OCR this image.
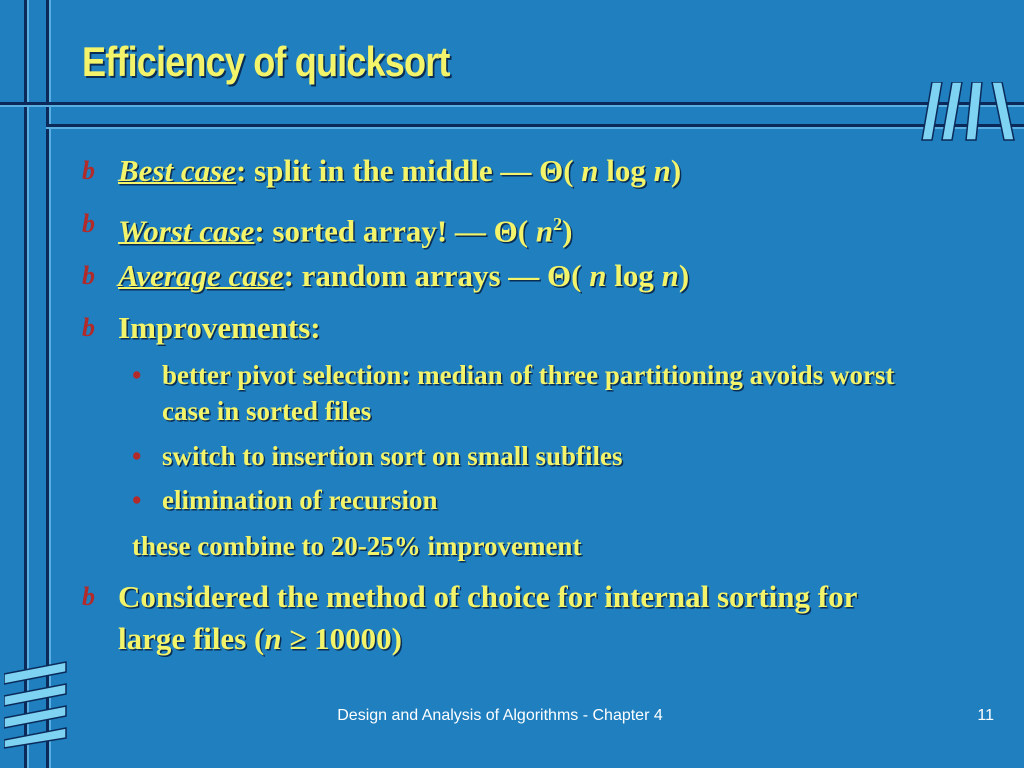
Efficiency of quicksort
b Best case: split in the middle — Θ( n log n)
b Worst case: sorted array! — Θ( $n^2$)
b Average case: random arrays — Θ( n log n)
b Improvements:
• better pivot selection: median of three partitioning avoids worst case in sorted files
• switch to insertion sort on small subfiles
• elimination of recursion
these combine to 20-25% improvement
b Considered the method of choice for internal sorting for large files (n ≥ 10000)
Design and Analysis of Algorithms - Chapter 4	11
